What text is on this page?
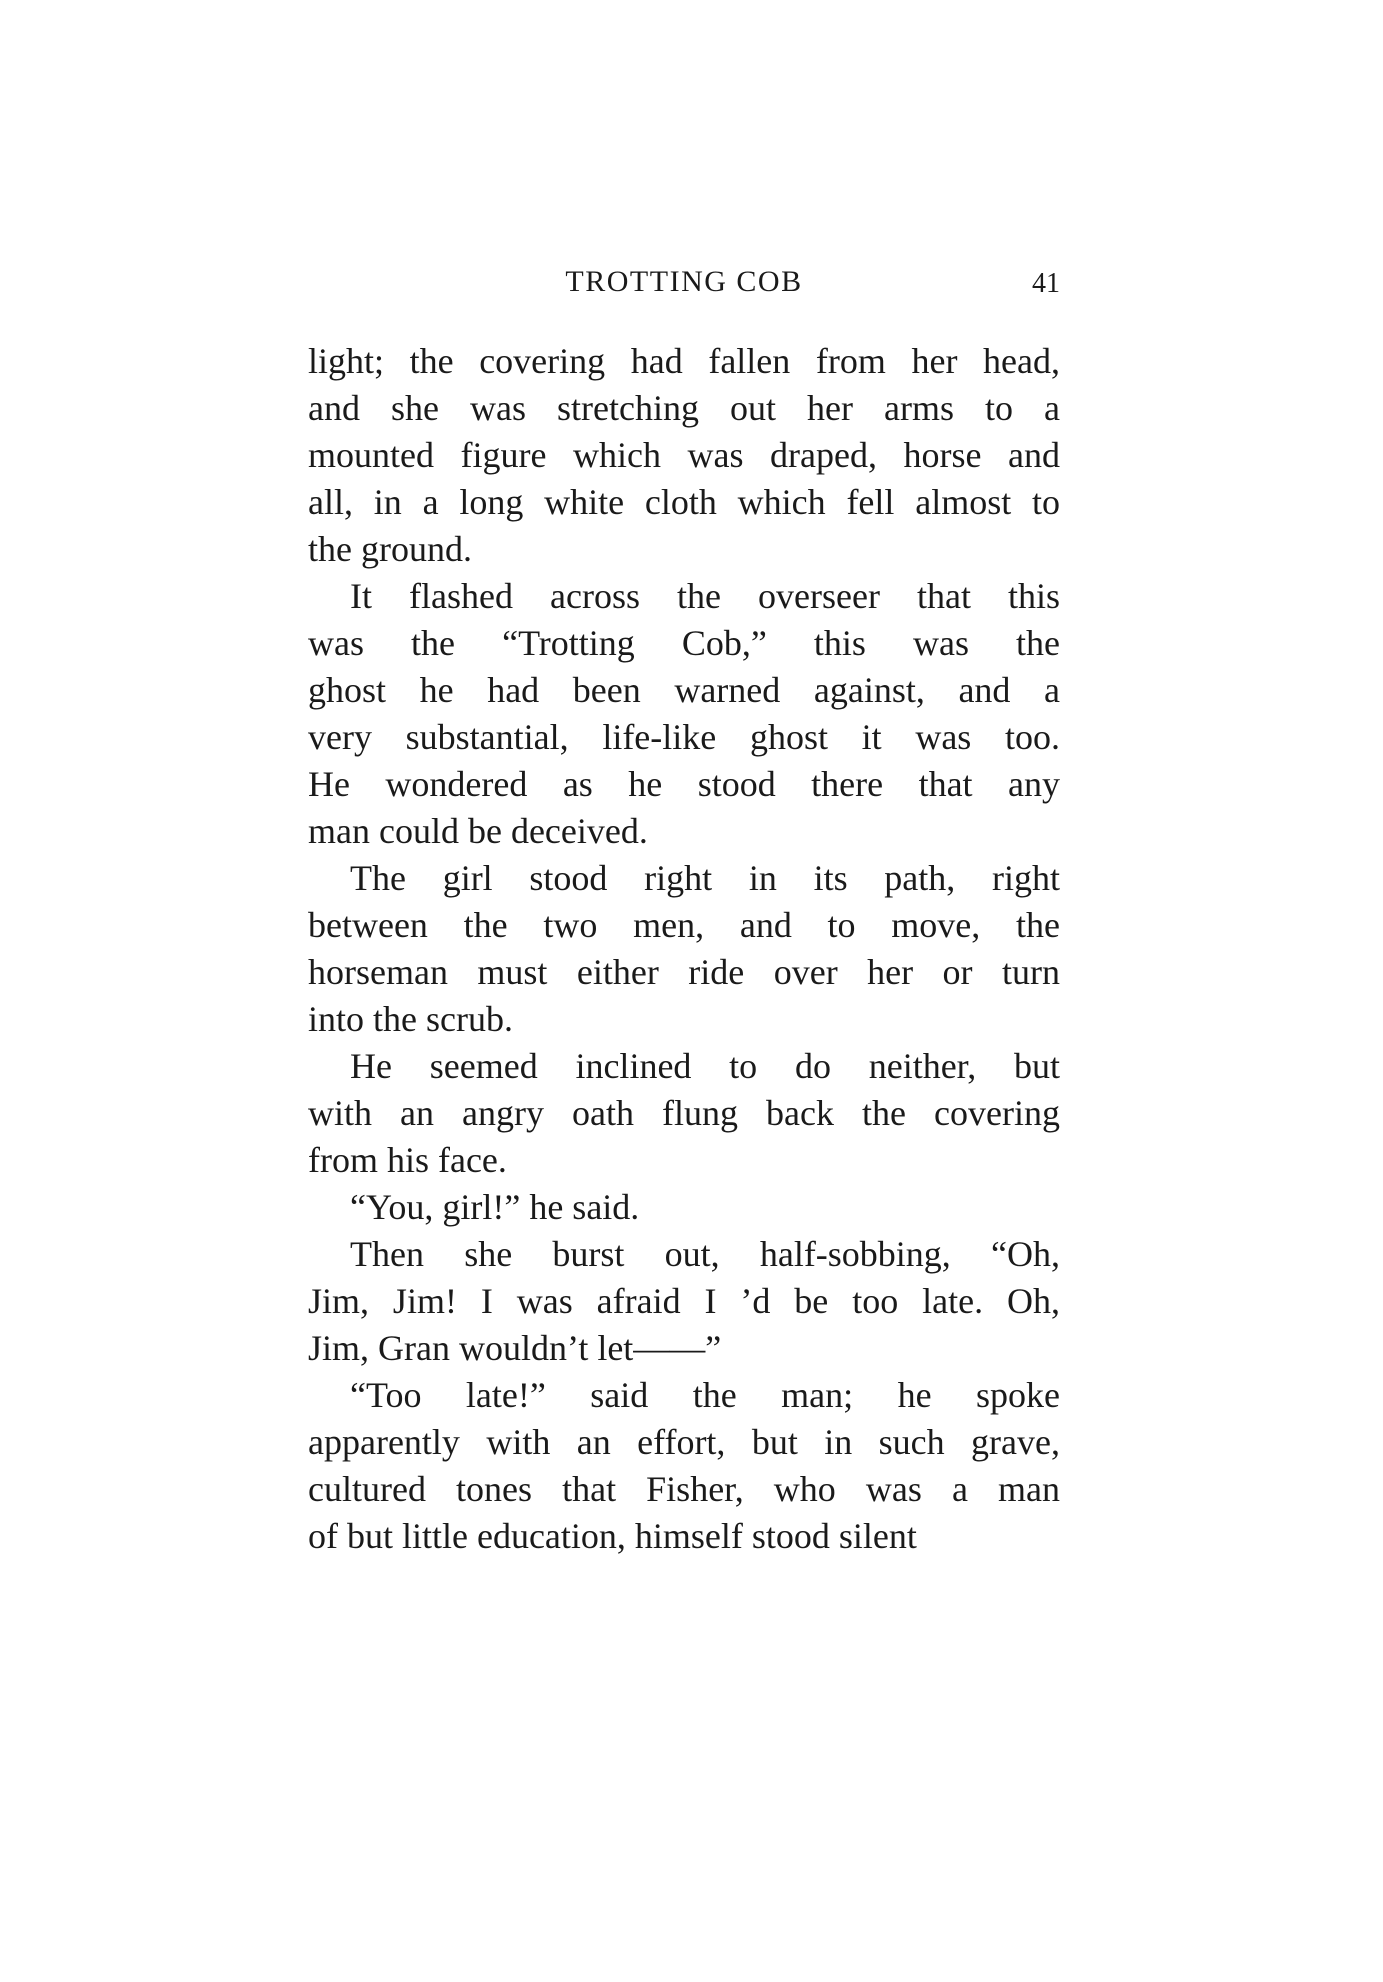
TROTTING COB	41
light; the covering had fallen from her head,
and she was stretching out her arms to a
mounted figure which was draped, horse and
all, in a long white cloth which fell almost to
the ground.
It flashed across the overseer that this
was the “Trotting Cob,” this was the
ghost he had been warned against, and a
very substantial, life-like ghost it was too.
He wondered as he stood there that any
man could be deceived.
The girl stood right in its path, right
between the two men, and to move, the
horseman must either ride over her or turn
into the scrub.
He seemed inclined to do neither, but
with an angry oath flung back the covering
from his face.
“You, girl!” he said.
Then she burst out, half-sobbing, “Oh,
Jim, Jim! I was afraid I ’d be too late. Oh,
Jim, Gran wouldn’t let——”
“Too late!” said the man; he spoke
apparently with an effort, but in such grave,
cultured tones that Fisher, who was a man
of but little education, himself stood silent
